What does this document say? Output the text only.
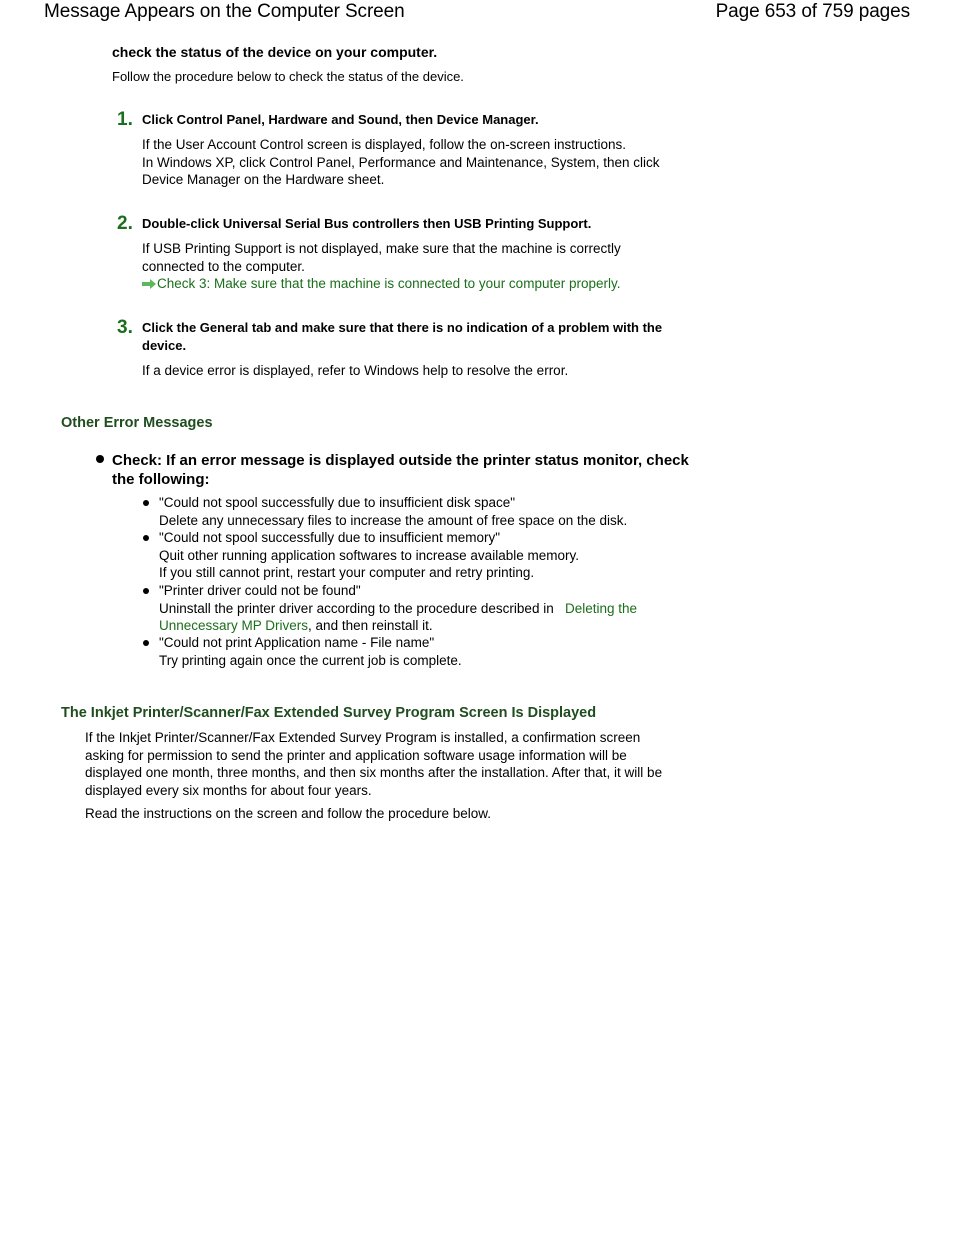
Message Appears on the Computer Screen	Page 653 of 759 pages
check the status of the device on your computer.
Follow the procedure below to check the status of the device.
1. Click Control Panel, Hardware and Sound, then Device Manager.
If the User Account Control screen is displayed, follow the on-screen instructions.
In Windows XP, click Control Panel, Performance and Maintenance, System, then click
Device Manager on the Hardware sheet.
2. Double-click Universal Serial Bus controllers then USB Printing Support.
If USB Printing Support is not displayed, make sure that the machine is correctly
connected to the computer.
Check 3: Make sure that the machine is connected to your computer properly.
3. Click the General tab and make sure that there is no indication of a problem with the
device.
If a device error is displayed, refer to Windows help to resolve the error.
Other Error Messages
Check: If an error message is displayed outside the printer status monitor, check
the following:
"Could not spool successfully due to insufficient disk space"
Delete any unnecessary files to increase the amount of free space on the disk.
"Could not spool successfully due to insufficient memory"
Quit other running application softwares to increase available memory.
If you still cannot print, restart your computer and retry printing.
"Printer driver could not be found"
Uninstall the printer driver according to the procedure described in Deleting the
Unnecessary MP Drivers, and then reinstall it.
"Could not print Application name - File name"
Try printing again once the current job is complete.
The Inkjet Printer/Scanner/Fax Extended Survey Program Screen Is Displayed
If the Inkjet Printer/Scanner/Fax Extended Survey Program is installed, a confirmation screen
asking for permission to send the printer and application software usage information will be
displayed one month, three months, and then six months after the installation. After that, it will be
displayed every six months for about four years.
Read the instructions on the screen and follow the procedure below.
